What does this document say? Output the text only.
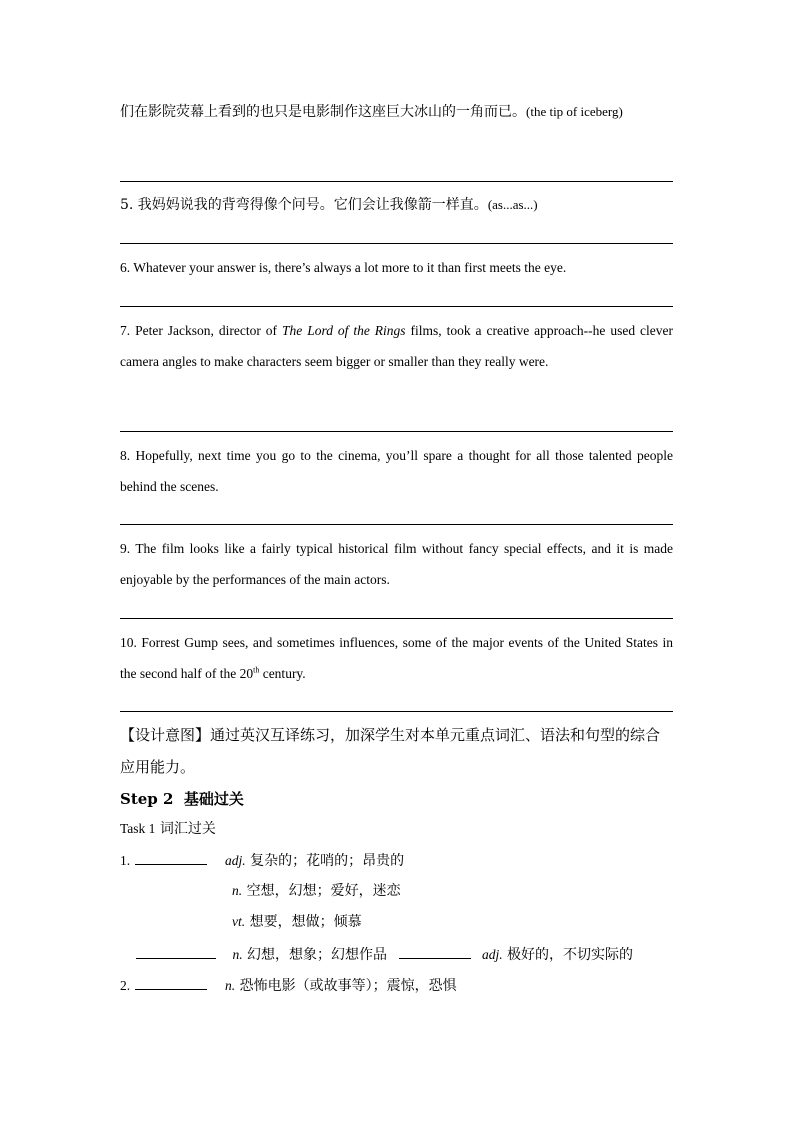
们在影院荧幕上看到的也只是电影制作这座巨大冰山的一角而已。(the tip of iceberg)
5. 我妈妈说我的背弯得像个问号。它们会让我像箭一样直。(as...as...)
6. Whatever your answer is, there’s always a lot more to it than first meets the eye.
7. Peter Jackson, director of The Lord of the Rings films, took a creative approach--he used clever camera angles to make characters seem bigger or smaller than they really were.
8. Hopefully, next time you go to the cinema, you’ll spare a thought for all those talented people behind the scenes.
9. The film looks like a fairly typical historical film without fancy special effects, and it is made enjoyable by the performances of the main actors.
10. Forrest Gump sees, and sometimes influences, some of the major events of the United States in the second half of the 20th century.
【设计意图】通过英汉互译练习，加深学生对本单元重点词汇、语法和句型的综合应用能力。
Step 2 基础过关
Task 1 词汇过关
1.	adj. 复杂的；花哨的；昂贵的
n. 空想，幻想；爱好，迷恋
vt. 想要，想做；倾慕
n. 幻想，想象；幻想作品	adj. 极好的，不切实际的
2.	n. 恐怖电影（或故事等）；震惊，恐惧
